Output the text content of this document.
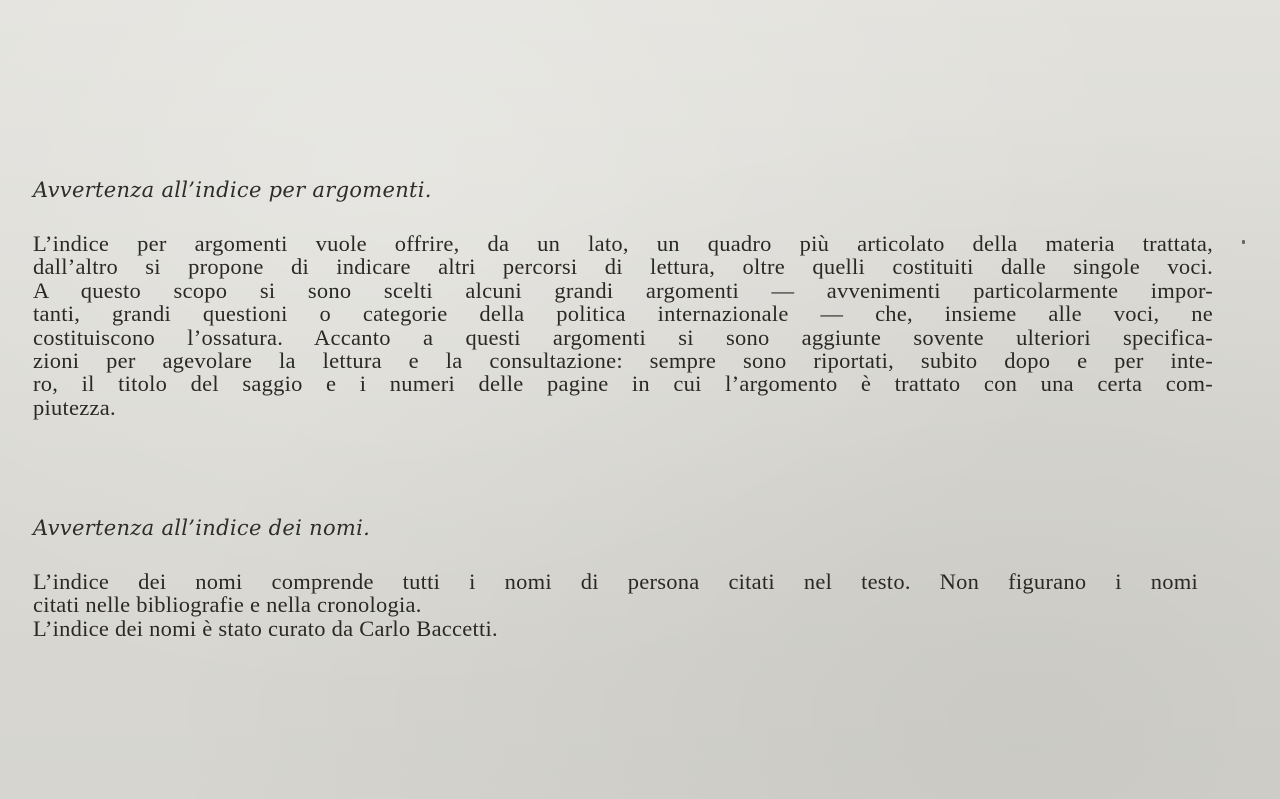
Avvertenza all’indice per argomenti.
L’indice per argomenti vuole offrire, da un lato, un quadro più articolato della materia trattata,
dall’altro si propone di indicare altri percorsi di lettura, oltre quelli costituiti dalle singole voci.
A questo scopo si sono scelti alcuni grandi argomenti — avvenimenti particolarmente impor-
tanti, grandi questioni o categorie della politica internazionale — che, insieme alle voci, ne
costituiscono l’ossatura. Accanto a questi argomenti si sono aggiunte sovente ulteriori specifica-
zioni per agevolare la lettura e la consultazione: sempre sono riportati, subito dopo e per inte-
ro, il titolo del saggio e i numeri delle pagine in cui l’argomento è trattato con una certa com-
piutezza.
Avvertenza all’indice dei nomi.
L’indice dei nomi comprende tutti i nomi di persona citati nel testo. Non figurano i nomi
citati nelle bibliografie e nella cronologia.
L’indice dei nomi è stato curato da Carlo Baccetti.
